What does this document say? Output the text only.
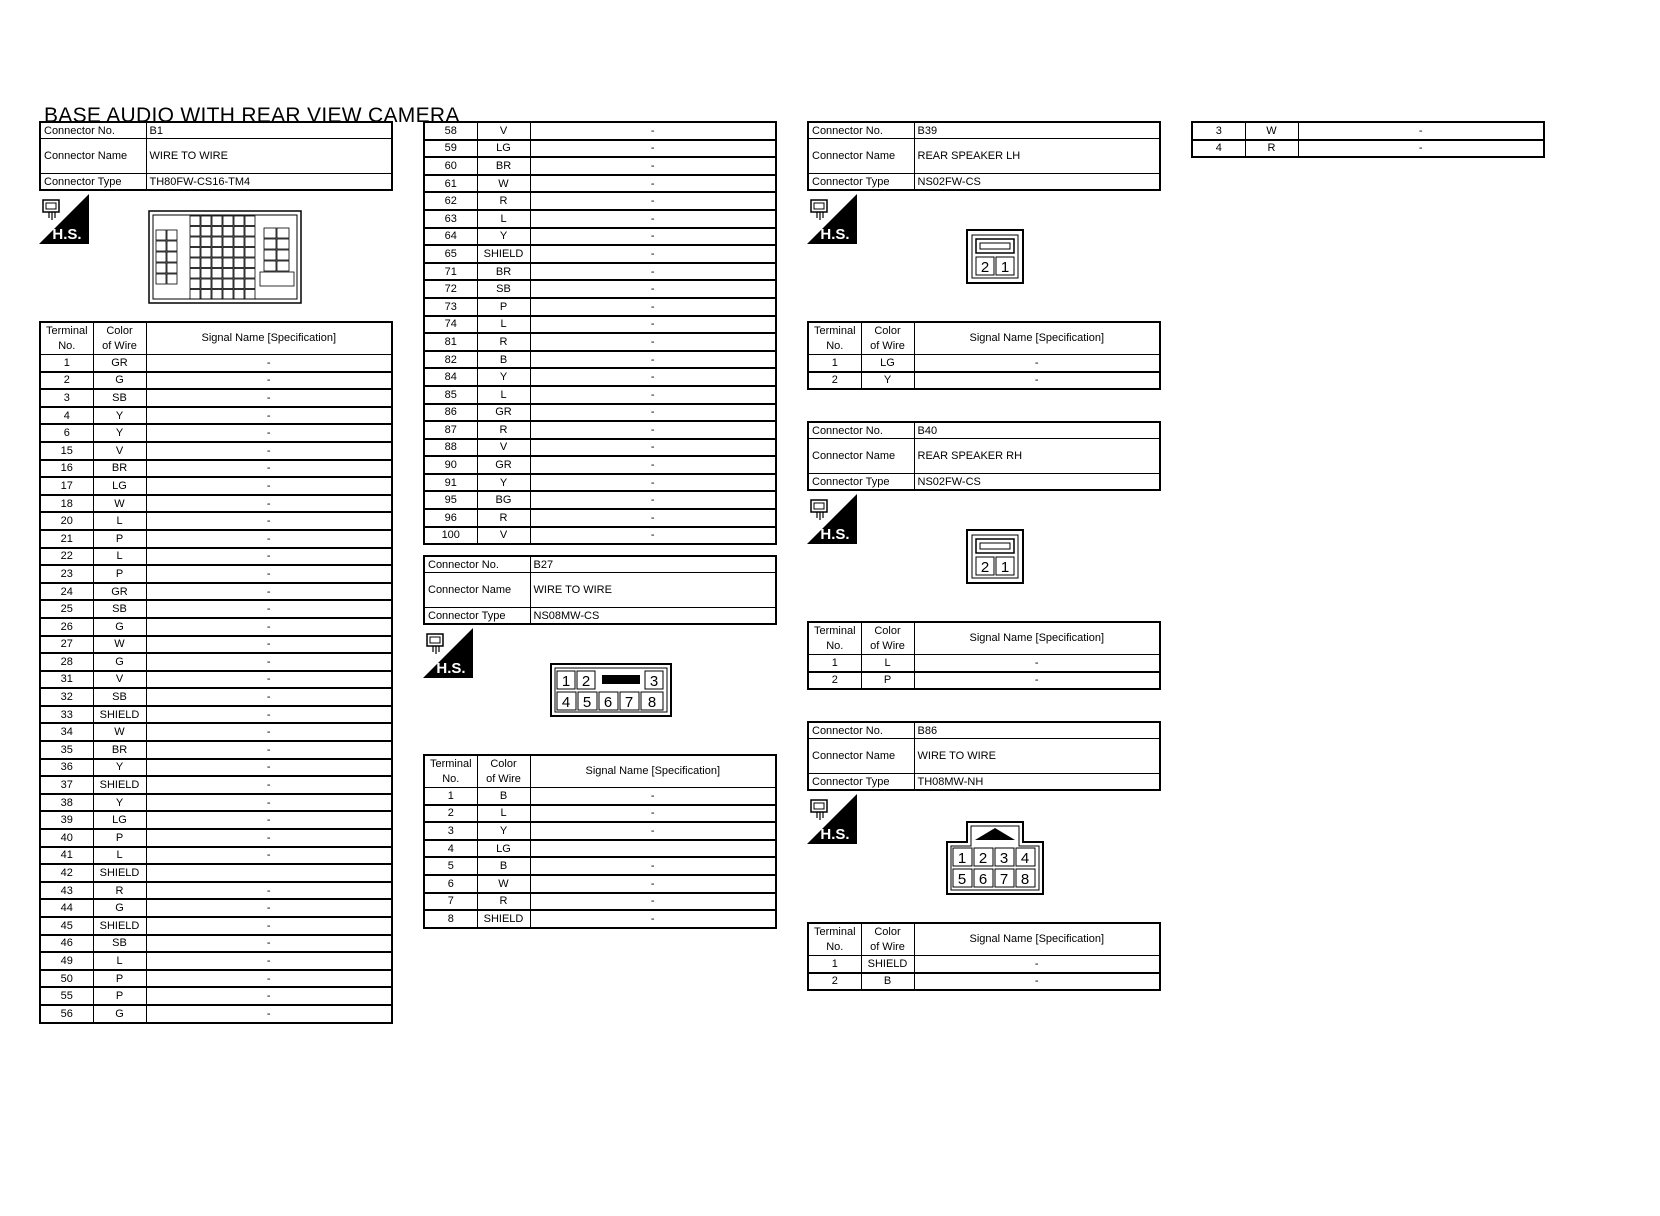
BASE AUDIO WITH REAR VIEW CAMERA
Connector No.	B1
Connector Name	WIRE TO WIRE
Connector Type	TH80FW-CS16-TM4
H.S.
Terminal
No.	Color
of Wire	Signal Name [Specification]
1	GR	-
2	G	-
3	SB	-
4	Y	-
6	Y	-
15	V	-
16	BR	-
17	LG	-
18	W	-
20	L	-
21	P	-
22	L	-
23	P	-
24	GR	-
25	SB	-
26	G	-
27	W	-
28	G	-
31	V	-
32	SB	-
33	SHIELD	-
34	W	-
35	BR	-
36	Y	-
37	SHIELD	-
38	Y	-
39	LG	-
40	P	-
41	L	-
42	SHIELD	
43	R	-
44	G	-
45	SHIELD	-
46	SB	-
49	L	-
50	P	-
55	P	-
56	G	-
58	V	-
59	LG	-
60	BR	-
61	W	-
62	R	-
63	L	-
64	Y	-
65	SHIELD	-
71	BR	-
72	SB	-
73	P	-
74	L	-
81	R	-
82	B	-
84	Y	-
85	L	-
86	GR	-
87	R	-
88	V	-
90	GR	-
91	Y	-
95	BG	-
96	R	-
100	V	-
Connector No.	B27
Connector Name	WIRE TO WIRE
Connector Type	NS08MW-CS
H.S.
1 2	3
4 5 6 7 8
Terminal
No.	Color
of Wire	Signal Name [Specification]
1	B	-
2	L	-
3	Y	-
4	LG	
5	B	-
6	W	-
7	R	-
8	SHIELD	-
Connector No.	B39
Connector Name	REAR SPEAKER LH
Connector Type	NS02FW-CS
H.S.
2 1
Terminal
No.	Color
of Wire	Signal Name [Specification]
1	LG	-
2	Y	-
Connector No.	B40
Connector Name	REAR SPEAKER RH
Connector Type	NS02FW-CS
H.S.
2 1
Terminal
No.	Color
of Wire	Signal Name [Specification]
1	L	-
2	P	-
Connector No.	B86
Connector Name	WIRE TO WIRE
Connector Type	TH08MW-NH
H.S.
1 2 3 4
5 6 7 8
Terminal
No.	Color
of Wire	Signal Name [Specification]
1	SHIELD	-
2	B	-
3	W	-
4	R	-
